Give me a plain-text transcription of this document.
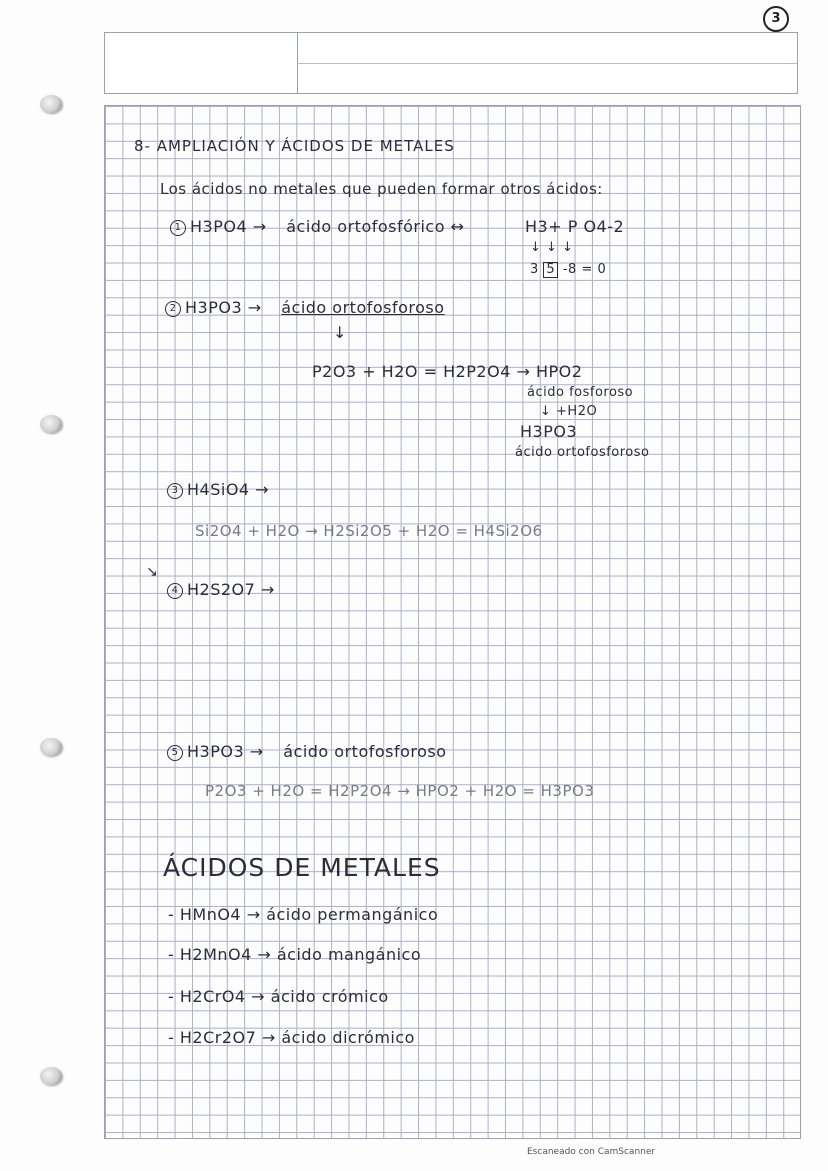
3
8- AMPLIACIÓN Y ÁCIDOS DE METALES
Los ácidos no metales que pueden formar otros ácidos:
1 H3PO4 → ácido ortofosfórico ↔	H3+ P O4-2
↓ ↓ ↓
3 5 -8 = 0
2 H3PO3 → ácido ortofosforoso
↓
P2O3 + H2O = H2P2O4 → HPO2
ácido fosforoso
↓ +H2O
H3PO3
ácido ortofosforoso
3 H4SiO4 →
Si2O4 + H2O → H2Si2O5 + H2O = H4Si2O6
↘
4 H2S2O7 →
5 H3PO3 → ácido ortofosforoso
P2O3 + H2O = H2P2O4 → HPO2 + H2O = H3PO3
ÁCIDOS DE METALES
- HMnO4 → ácido permangánico
- H2MnO4 → ácido mangánico
- H2CrO4 → ácido crómico
- H2Cr2O7 → ácido dicrómico
Escaneado con CamScanner
